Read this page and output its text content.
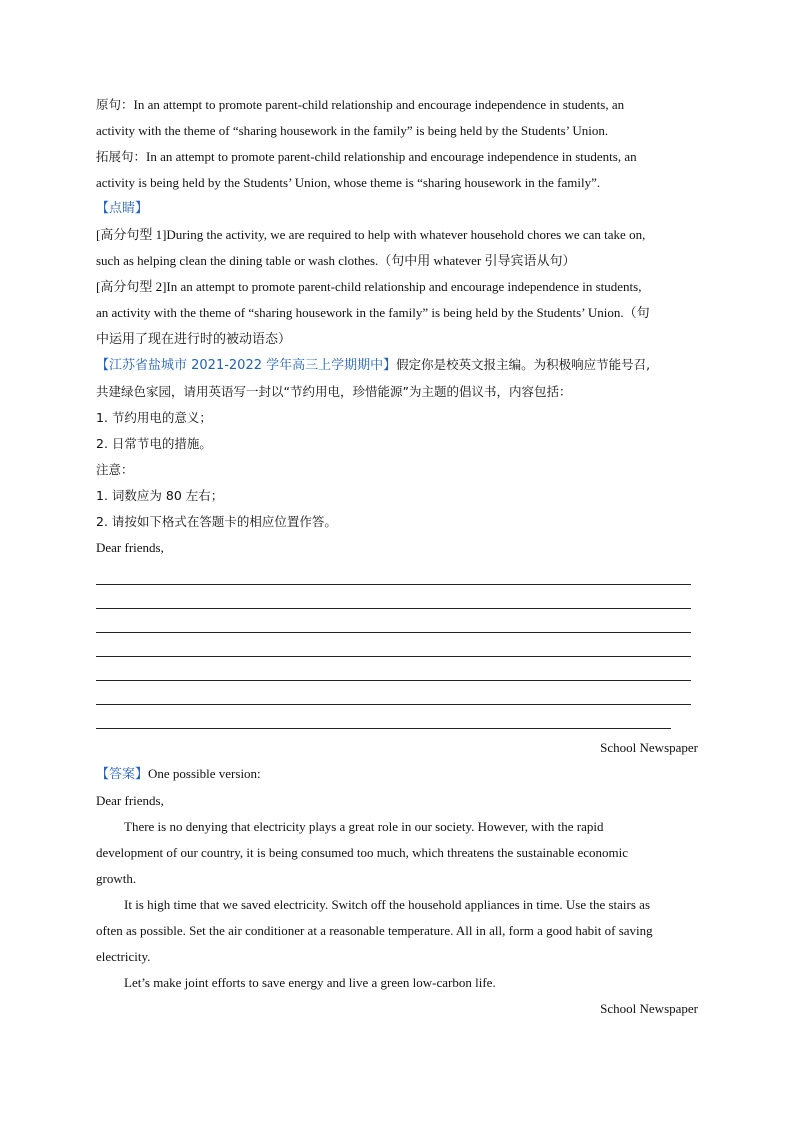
原句：In an attempt to promote parent-child relationship and encourage independence in students, an
activity with the theme of “sharing housework in the family” is being held by the Students’ Union.
拓展句：In an attempt to promote parent-child relationship and encourage independence in students, an
activity is being held by the Students’ Union, whose theme is “sharing housework in the family”.
【点睛】
[高分句型 1]During the activity, we are required to help with whatever household chores we can take on,
such as helping clean the dining table or wash clothes.（句中用 whatever 引导宾语从句）
[高分句型 2]In an attempt to promote parent-child relationship and encourage independence in students,
an activity with the theme of “sharing housework in the family” is being held by the Students’ Union.（句
中运用了现在进行时的被动语态）
【江苏省盐城市 2021-2022 学年高三上学期期中】假定你是校英文报主编。为积极响应节能号召,
共建绿色家园，请用英语写一封以“节约用电，珍惜能源”为主题的倡议书，内容包括：
1. 节约用电的意义；
2. 日常节电的措施。
注意：
1. 词数应为 80 左右；
2. 请按如下格式在答题卡的相应位置作答。
Dear friends,
School Newspaper
【答案】One possible version:
Dear friends,
There is no denying that electricity plays a great role in our society. However, with the rapid
development of our country, it is being consumed too much, which threatens the sustainable economic
growth.
It is high time that we saved electricity. Switch off the household appliances in time. Use the stairs as
often as possible. Set the air conditioner at a reasonable temperature. All in all, form a good habit of saving
electricity.
Let’s make joint efforts to save energy and live a green low-carbon life.
School Newspaper
